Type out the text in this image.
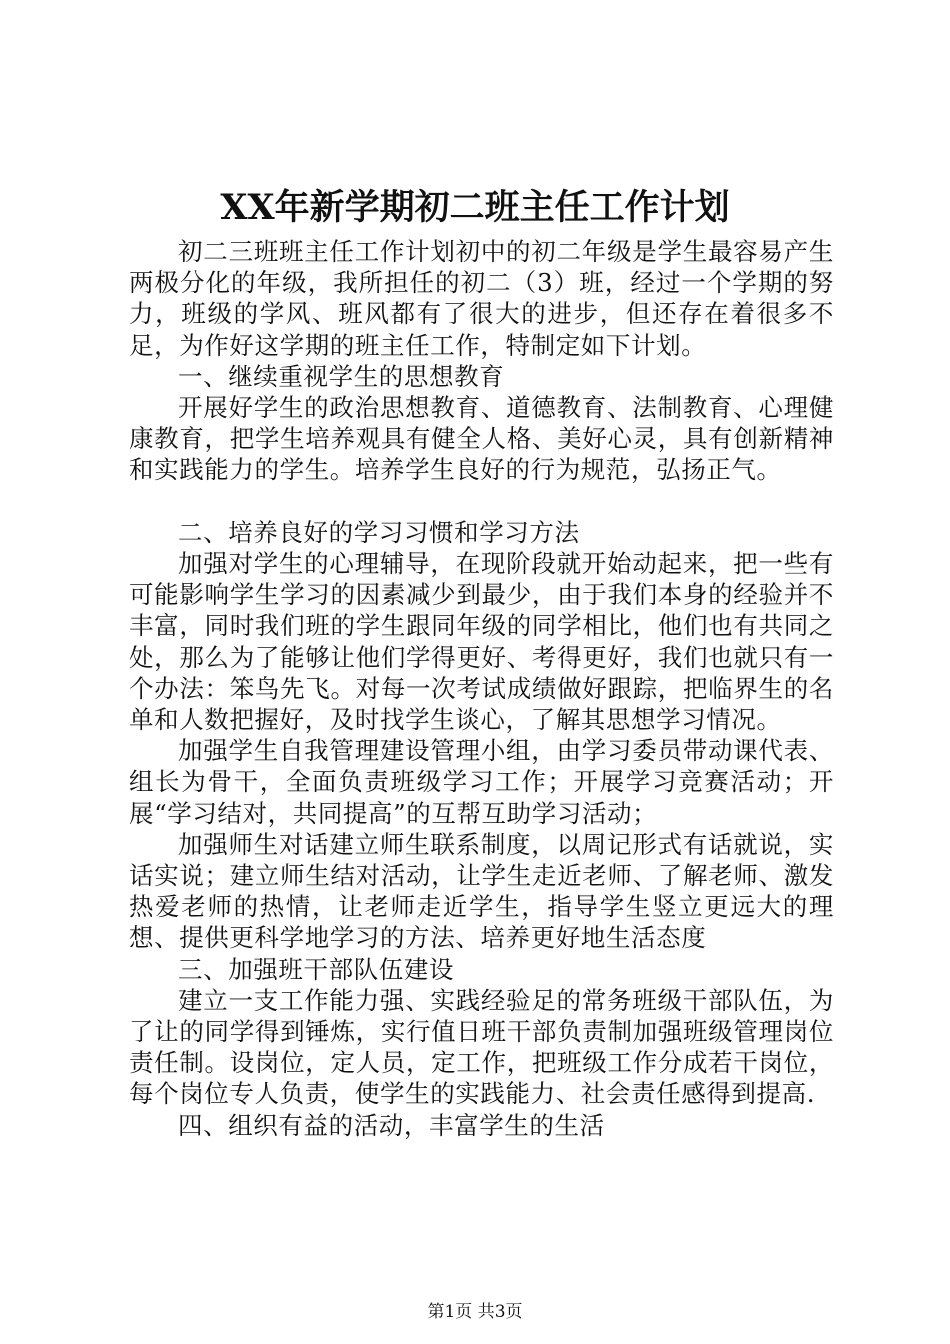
XX年新学期初二班主任工作计划

初二三班班主任工作计划初中的初二年级是学生最容易产生两极分化的年级，我所担任的初二（3）班，经过一个学期的努力，班级的学风、班风都有了很大的进步，但还存在着很多不足，为作好这学期的班主任工作，特制定如下计划。

一、继续重视学生的思想教育

开展好学生的政治思想教育、道德教育、法制教育、心理健康教育，把学生培养观具有健全人格、美好心灵，具有创新精神和实践能力的学生。培养学生良好的行为规范，弘扬正气。

二、培养良好的学习习惯和学习方法

加强对学生的心理辅导，在现阶段就开始动起来，把一些有可能影响学生学习的因素减少到最少，由于我们本身的经验并不丰富，同时我们班的学生跟同年级的同学相比，他们也有共同之处，那么为了能够让他们学得更好、考得更好，我们也就只有一个办法：笨鸟先飞。对每一次考试成绩做好跟踪，把临界生的名单和人数把握好，及时找学生谈心，了解其思想学习情况。

加强学生自我管理建设管理小组，由学习委员带动课代表、组长为骨干，全面负责班级学习工作；开展学习竞赛活动；开展“学习结对，共同提高”的互帮互助学习活动；

加强师生对话建立师生联系制度，以周记形式有话就说，实话实说；建立师生结对活动，让学生走近老师、了解老师、激发热爱老师的热情，让老师走近学生，指导学生竖立更远大的理想、提供更科学地学习的方法、培养更好地生活态度

三、加强班干部队伍建设

建立一支工作能力强、实践经验足的常务班级干部队伍，为了让的同学得到锤炼，实行值日班干部负责制加强班级管理岗位责任制。设岗位，定人员，定工作，把班级工作分成若干岗位，每个岗位专人负责，使学生的实践能力、社会责任感得到提高.

四、组织有益的活动，丰富学生的生活

第1页 共3页
